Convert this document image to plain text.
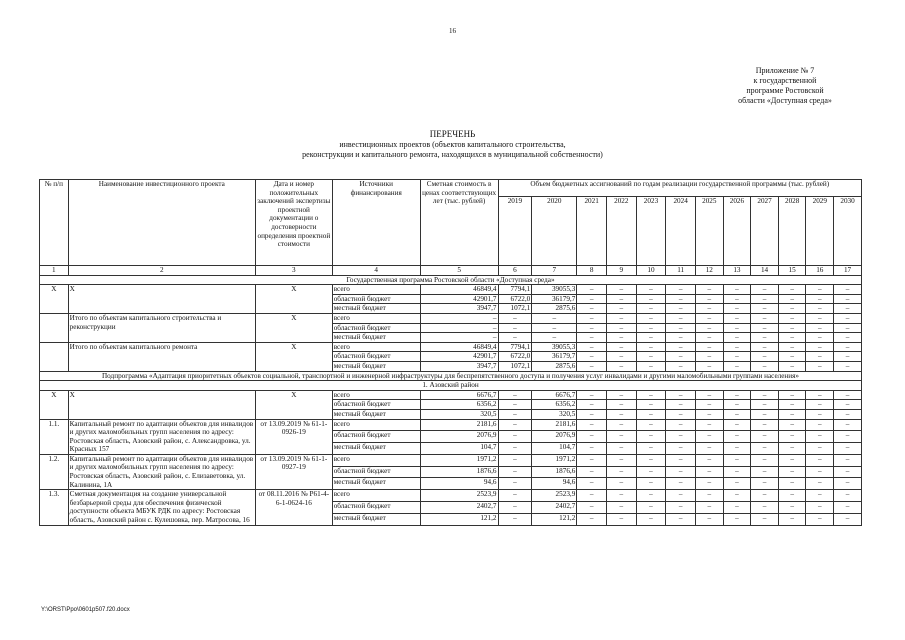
16
Приложение № 7
к государственной
программе Ростовской
области «Доступная среда»
ПЕРЕЧЕНЬ
инвестиционных проектов (объектов капитального строительства,
реконструкции и капитального ремонта, находящихся в муниципальной собственности)
№ п/п	Наименование инвестиционного проекта	Дата и номер положительных заключений экспертизы проектной документации о достоверности определения проектной стоимости	Источники финансирования	Сметная стоимость в ценах соответствующих лет (тыс. рублей)	Объем бюджетных ассигнований по годам реализации государственной программы (тыс. рублей)											
					2019	2020	2021	2022	2023	2024	2025	2026	2027	2028	2029	2030
1	2	3	4	5	6	7	8	9	10	11	12	13	14	15	16	17
Государственная программа Ростовской области «Доступная среда»																
X	X	X	всего	46849,4	7794,1	39055,3	–	–	–	–	–	–	–	–	–	–
			областной бюджет	42901,7	6722,0	36179,7	–	–	–	–	–	–	–	–	–	–
			местный бюджет	3947,7	1072,1	2875,6	–	–	–	–	–	–	–	–	–	–
	Итого по объектам капитального строительства и реконструкции	X	всего	–	–	–	–	–	–	–	–	–	–	–	–	–
			областной бюджет	–	–	–	–	–	–	–	–	–	–	–	–	–
			местный бюджет	–	–	–	–	–	–	–	–	–	–	–	–	–
	Итого по объектам капитального ремонта	X	всего	46849,4	7794,1	39055,3	–	–	–	–	–	–	–	–	–	–
			областной бюджет	42901,7	6722,0	36179,7	–	–	–	–	–	–	–	–	–	–
			местный бюджет	3947,7	1072,1	2875,6	–	–	–	–	–	–	–	–	–	–
Подпрограмма «Адаптация приоритетных объектов социальной, транспортной и инженерной инфраструктуры для беспрепятственного доступа и получения услуг инвалидами и другими маломобильными группами населения»																
1. Азовский район																
X	X	X	всего	6676,7	–	6676,7	–	–	–	–	–	–	–	–	–	–
			областной бюджет	6356,2	–	6356,2	–	–	–	–	–	–	–	–	–	–
			местный бюджет	320,5	–	320,5	–	–	–	–	–	–	–	–	–	–
1.1.	Капитальный ремонт по адаптации объектов для инвалидов и других маломобильных групп населения по адресу: Ростовская область, Азовский район, с. Александровка, ул. Красных 157	от 13.09.2019 № 61-1-0926-19	всего	2181,6	–	2181,6	–	–	–	–	–	–	–	–	–	–
			областной бюджет	2076,9	–	2076,9	–	–	–	–	–	–	–	–	–	–
			местный бюджет	104,7	–	104,7	–	–	–	–	–	–	–	–	–	–
1.2.	Капитальный ремонт по адаптации объектов для инвалидов и других маломобильных групп населения по адресу: Ростовская область, Азовский район, с. Елизаветовка, ул. Калинина, 1А	от 13.09.2019 № 61-1-0927-19	всего	1971,2	–	1971,2	–	–	–	–	–	–	–	–	–	–
			областной бюджет	1876,6	–	1876,6	–	–	–	–	–	–	–	–	–	–
			местный бюджет	94,6	–	94,6	–	–	–	–	–	–	–	–	–	–
1.3.	Сметная документация на создание универсальной безбарьерной среды для обеспечения физической доступности объекта МБУК РДК по адресу: Ростовская область, Азовский район с. Кулешовка, пер. Матросова, 16	от 08.11.2016 № Р61-4-6-1-0624-16	всего	2523,9	–	2523,9	–	–	–	–	–	–	–	–	–	–
			областной бюджет	2402,7	–	2402,7	–	–	–	–	–	–	–	–	–	–
			местный бюджет	121,2	–	121,2	–	–	–	–	–	–	–	–	–	–
Y:\ORST\Ppo\0601p507.f20.docx
